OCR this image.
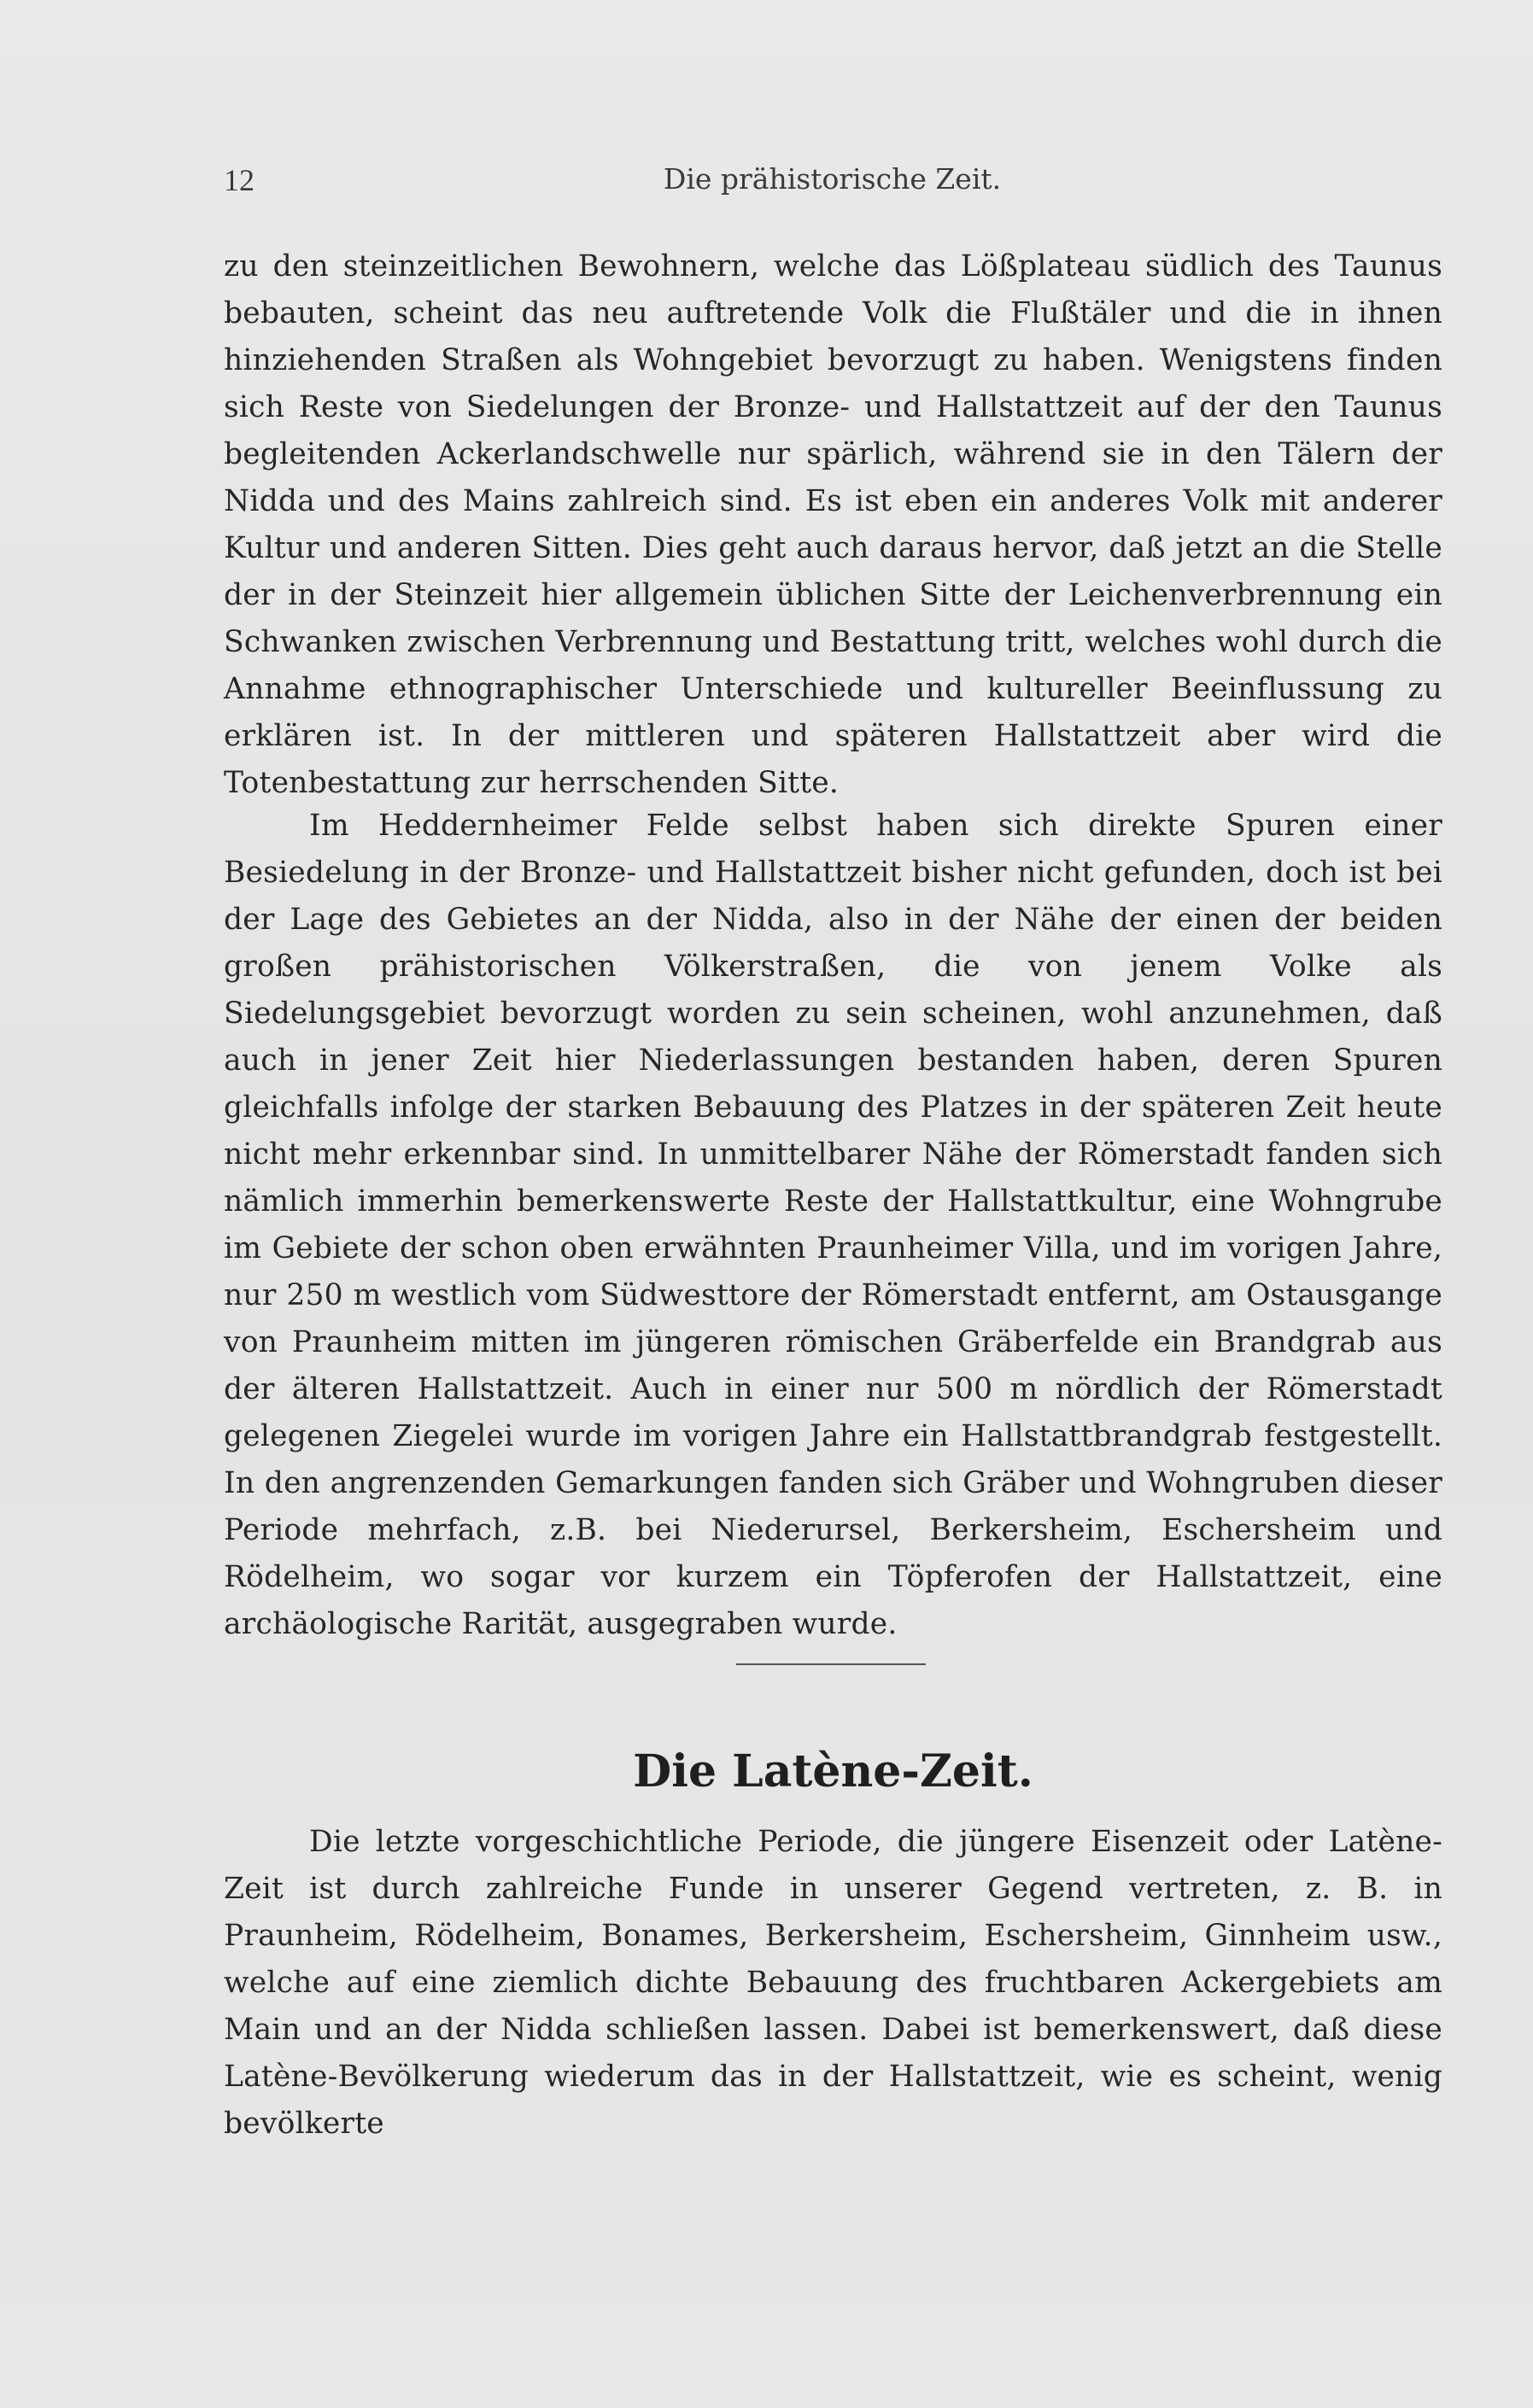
12	Die prähistorische Zeit.

zu den steinzeitlichen Bewohnern, welche das Lößplateau südlich des Taunus bebauten, scheint das neu auftretende Volk die Flußtäler und die in ihnen hinziehenden Straßen als Wohngebiet bevorzugt zu haben. Wenigstens finden sich Reste von Siedelungen der Bronze- und Hallstattzeit auf der den Taunus begleitenden Ackerlandschwelle nur spärlich, während sie in den Tälern der Nidda und des Mains zahlreich sind. Es ist eben ein anderes Volk mit anderer Kultur und anderen Sitten. Dies geht auch daraus hervor, daß jetzt an die Stelle der in der Steinzeit hier allgemein üblichen Sitte der Leichenverbrennung ein Schwanken zwischen Verbrennung und Bestattung tritt, welches wohl durch die Annahme ethnographischer Unterschiede und kultureller Beeinflussung zu erklären ist. In der mittleren und späteren Hallstattzeit aber wird die Totenbestattung zur herrschenden Sitte.

Im Heddernheimer Felde selbst haben sich direkte Spuren einer Besiedelung in der Bronze- und Hallstattzeit bisher nicht gefunden, doch ist bei der Lage des Gebietes an der Nidda, also in der Nähe der einen der beiden großen prähistorischen Völkerstraßen, die von jenem Volke als Siedelungsgebiet bevorzugt worden zu sein scheinen, wohl anzunehmen, daß auch in jener Zeit hier Niederlassungen bestanden haben, deren Spuren gleichfalls infolge der starken Bebauung des Platzes in der späteren Zeit heute nicht mehr erkennbar sind. In unmittelbarer Nähe der Römerstadt fanden sich nämlich immerhin bemerkenswerte Reste der Hallstattkultur, eine Wohngrube im Gebiete der schon oben erwähnten Praunheimer Villa, und im vorigen Jahre, nur 250 m westlich vom Südwesttore der Römerstadt entfernt, am Ostausgange von Praunheim mitten im jüngeren römischen Gräberfelde ein Brandgrab aus der älteren Hallstattzeit. Auch in einer nur 500 m nördlich der Römerstadt gelegenen Ziegelei wurde im vorigen Jahre ein Hallstattbrandgrab festgestellt. In den angrenzenden Gemarkungen fanden sich Gräber und Wohngruben dieser Periode mehrfach, z.B. bei Niederursel, Berkersheim, Eschersheim und Rödelheim, wo sogar vor kurzem ein Töpferofen der Hallstattzeit, eine archäologische Rarität, ausgegraben wurde.

Die Latène-Zeit.

Die letzte vorgeschichtliche Periode, die jüngere Eisenzeit oder Latène-Zeit ist durch zahlreiche Funde in unserer Gegend vertreten, z. B. in Praunheim, Rödelheim, Bonames, Berkersheim, Eschersheim, Ginnheim usw., welche auf eine ziemlich dichte Bebauung des fruchtbaren Ackergebiets am Main und an der Nidda schließen lassen. Dabei ist bemerkenswert, daß diese Latène-Bevölkerung wiederum das in der Hallstattzeit, wie es scheint, wenig bevölkerte
